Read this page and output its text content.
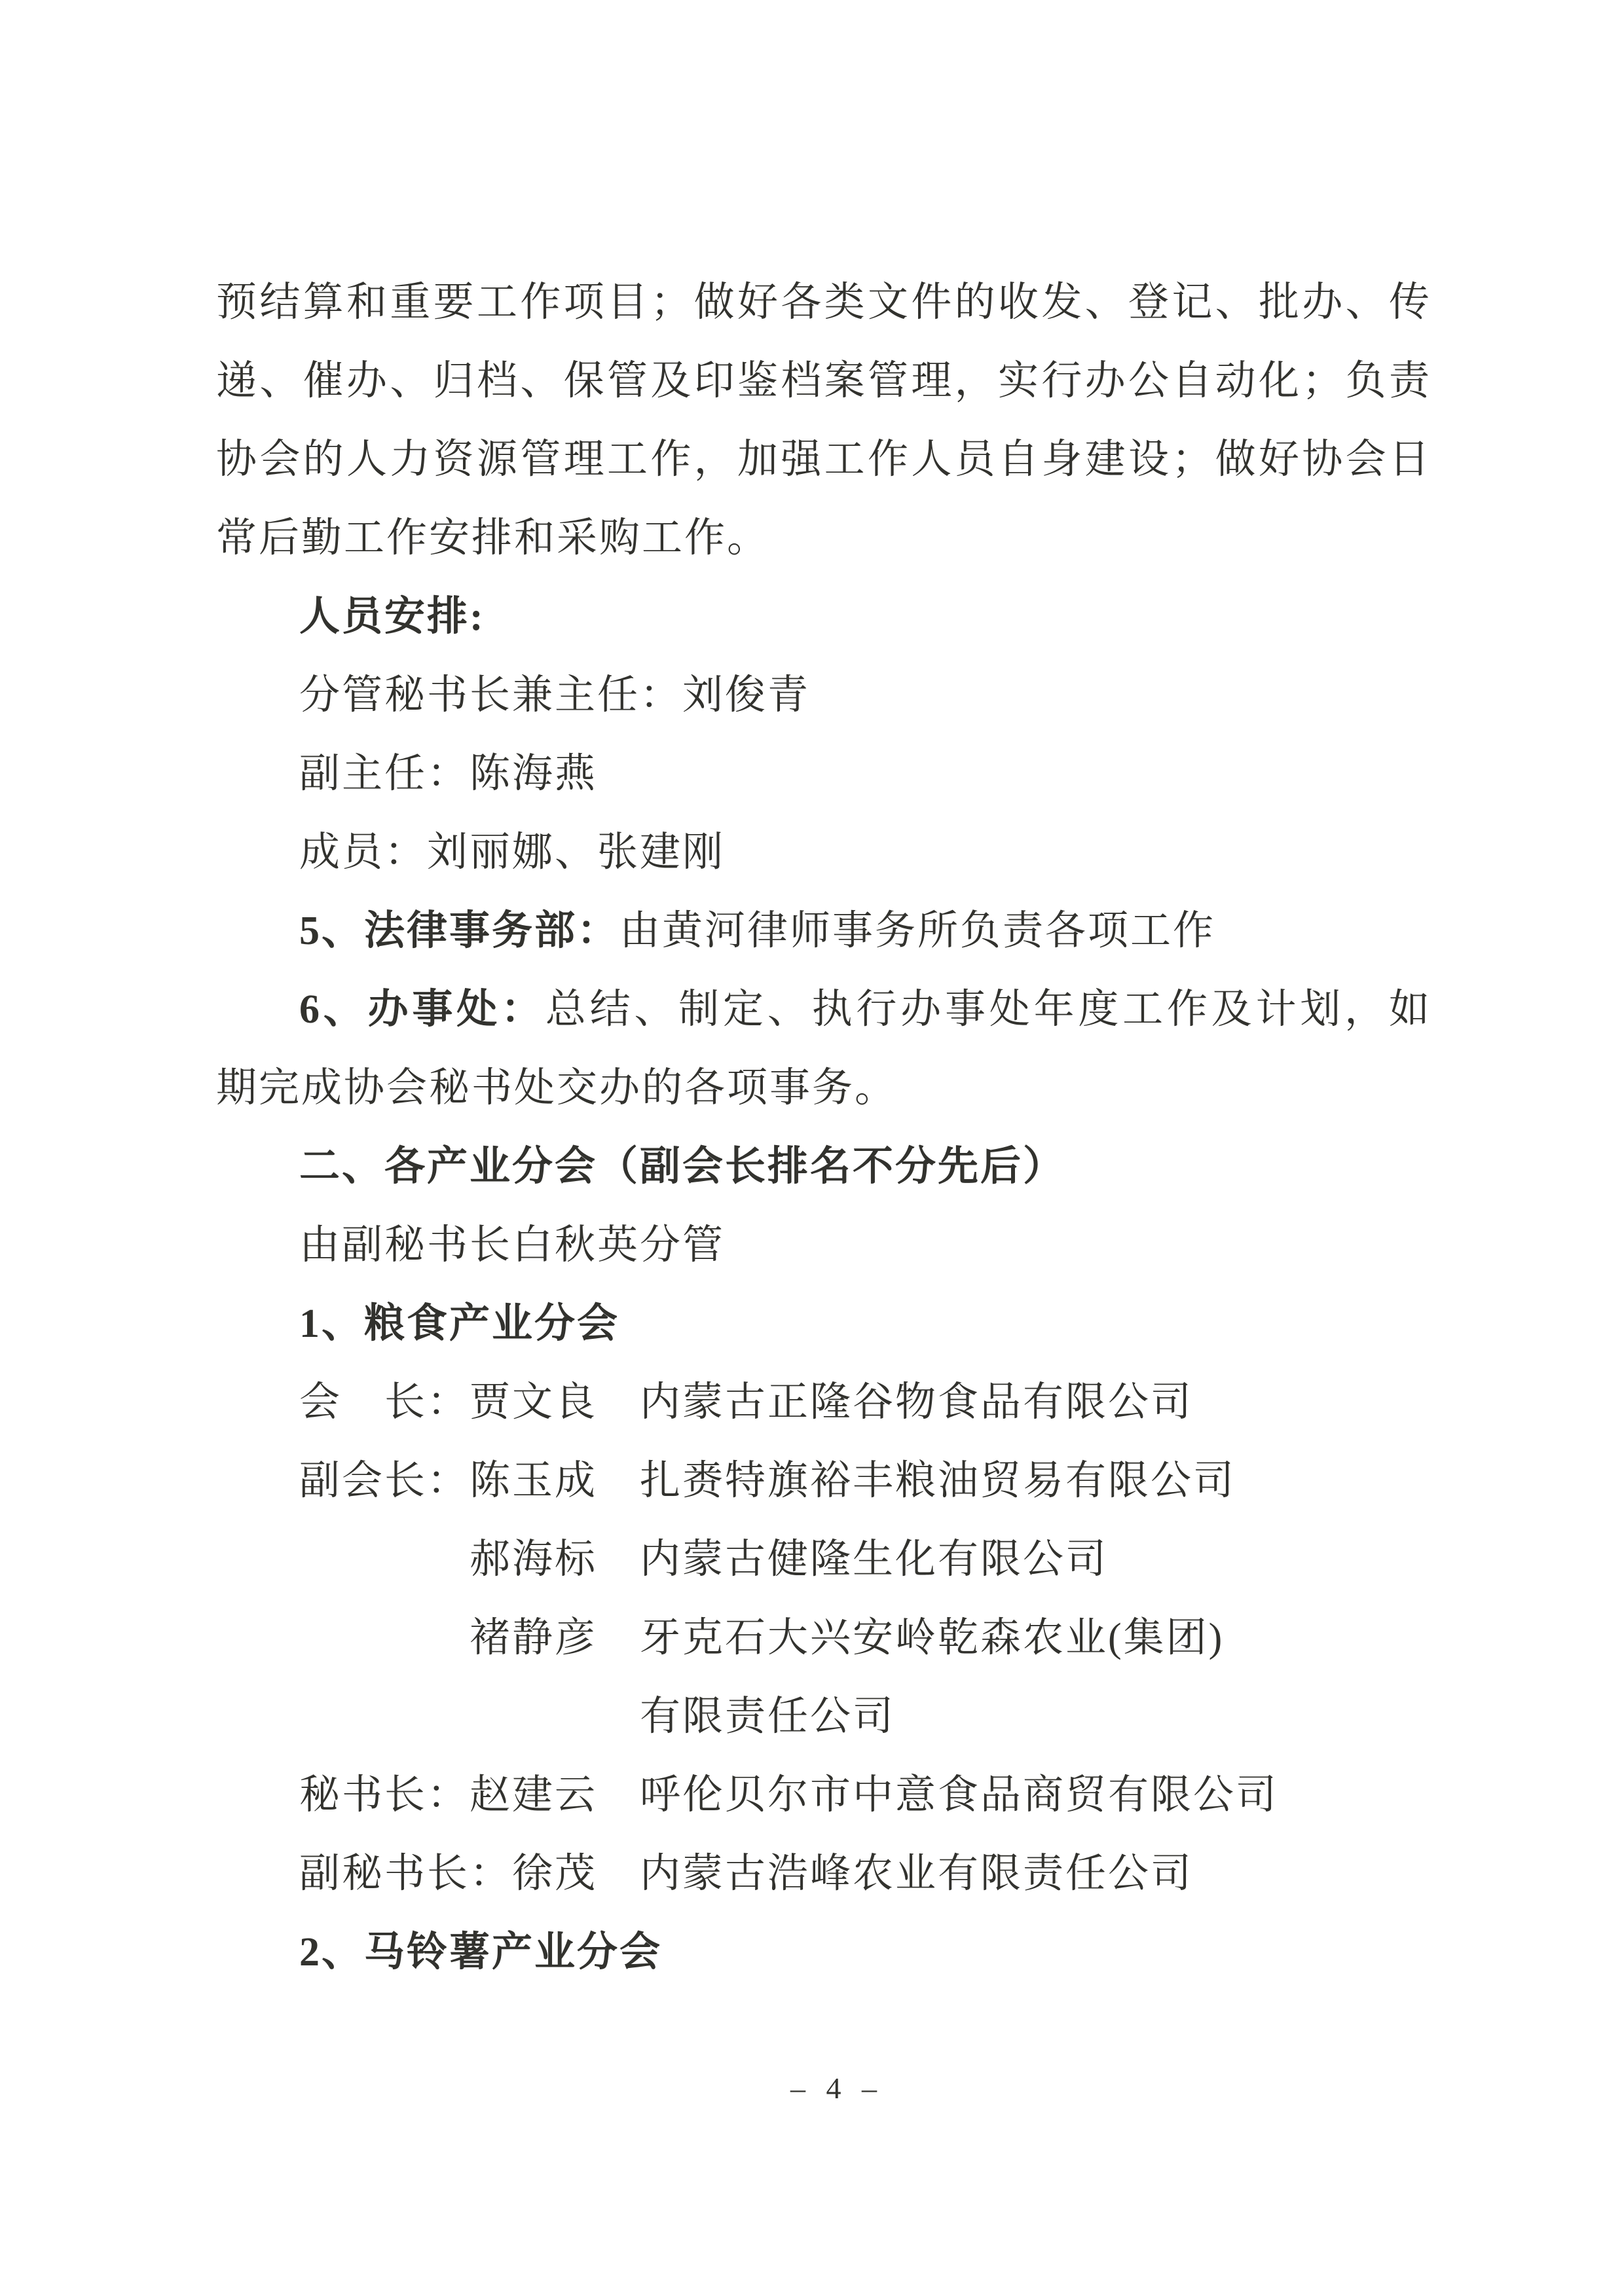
预结算和重要工作项目；做好各类文件的收发、登记、批办、传
递、催办、归档、保管及印鉴档案管理，实行办公自动化；负责
协会的人力资源管理工作，加强工作人员自身建设；做好协会日
常后勤工作安排和采购工作。
人员安排:
分管秘书长兼主任：刘俊青
副主任：陈海燕
成员：刘丽娜、张建刚
5、法律事务部：由黄河律师事务所负责各项工作
6、办事处：总结、制定、执行办事处年度工作及计划，如
期完成协会秘书处交办的各项事务。
二、各产业分会（副会长排名不分先后）
由副秘书长白秋英分管
1、粮食产业分会
会　长：贾文良　内蒙古正隆谷物食品有限公司
副会长：陈玉成　扎赉特旗裕丰粮油贸易有限公司
　　　　郝海标　内蒙古健隆生化有限公司
　　　　褚静彦　牙克石大兴安岭乾森农业(集团)
　　　　　　　　有限责任公司
秘书长：赵建云　呼伦贝尔市中意食品商贸有限公司
副秘书长：徐茂　内蒙古浩峰农业有限责任公司
2、马铃薯产业分会
– 4 –
